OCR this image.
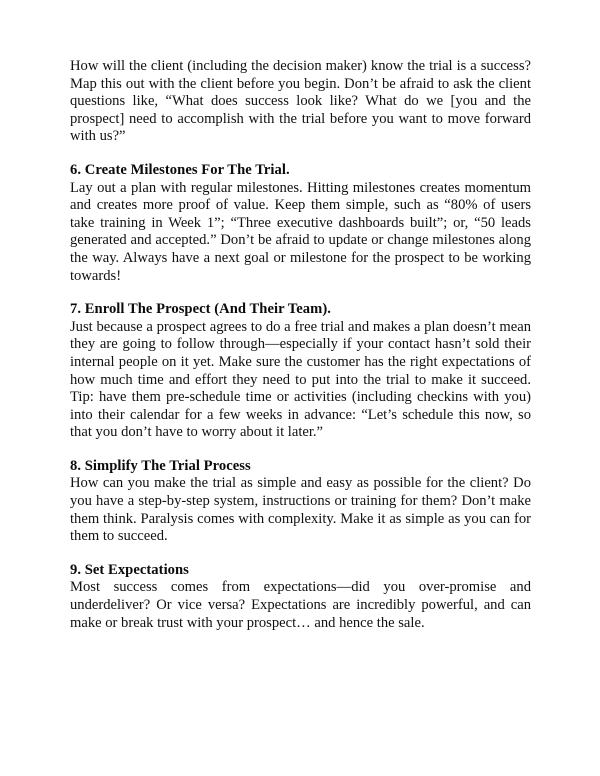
How will the client (including the decision maker) know the trial is a success? Map this out with the client before you begin. Don’t be afraid to ask the client questions like, “What does success look like? What do we [you and the prospect] need to accomplish with the trial before you want to move forward with us?”

6. Create Milestones For The Trial.

Lay out a plan with regular milestones. Hitting milestones creates momentum and creates more proof of value. Keep them simple, such as “80% of users take training in Week 1”; “Three executive dashboards built”; or, “50 leads generated and accepted.” Don’t be afraid to update or change milestones along the way. Always have a next goal or milestone for the prospect to be working towards!

7. Enroll The Prospect (And Their Team).

Just because a prospect agrees to do a free trial and makes a plan doesn’t mean they are going to follow through—especially if your contact hasn’t sold their internal people on it yet. Make sure the customer has the right expectations of how much time and effort they need to put into the trial to make it succeed. Tip: have them pre-schedule time or activities (including checkins with you) into their calendar for a few weeks in advance: “Let’s schedule this now, so that you don’t have to worry about it later.”

8. Simplify The Trial Process

How can you make the trial as simple and easy as possible for the client? Do you have a step-by-step system, instructions or training for them? Don’t make them think. Paralysis comes with complexity. Make it as simple as you can for them to succeed.

9. Set Expectations

Most success comes from expectations—did you over-promise and underdeliver? Or vice versa? Expectations are incredibly powerful, and can make or break trust with your prospect… and hence the sale.
